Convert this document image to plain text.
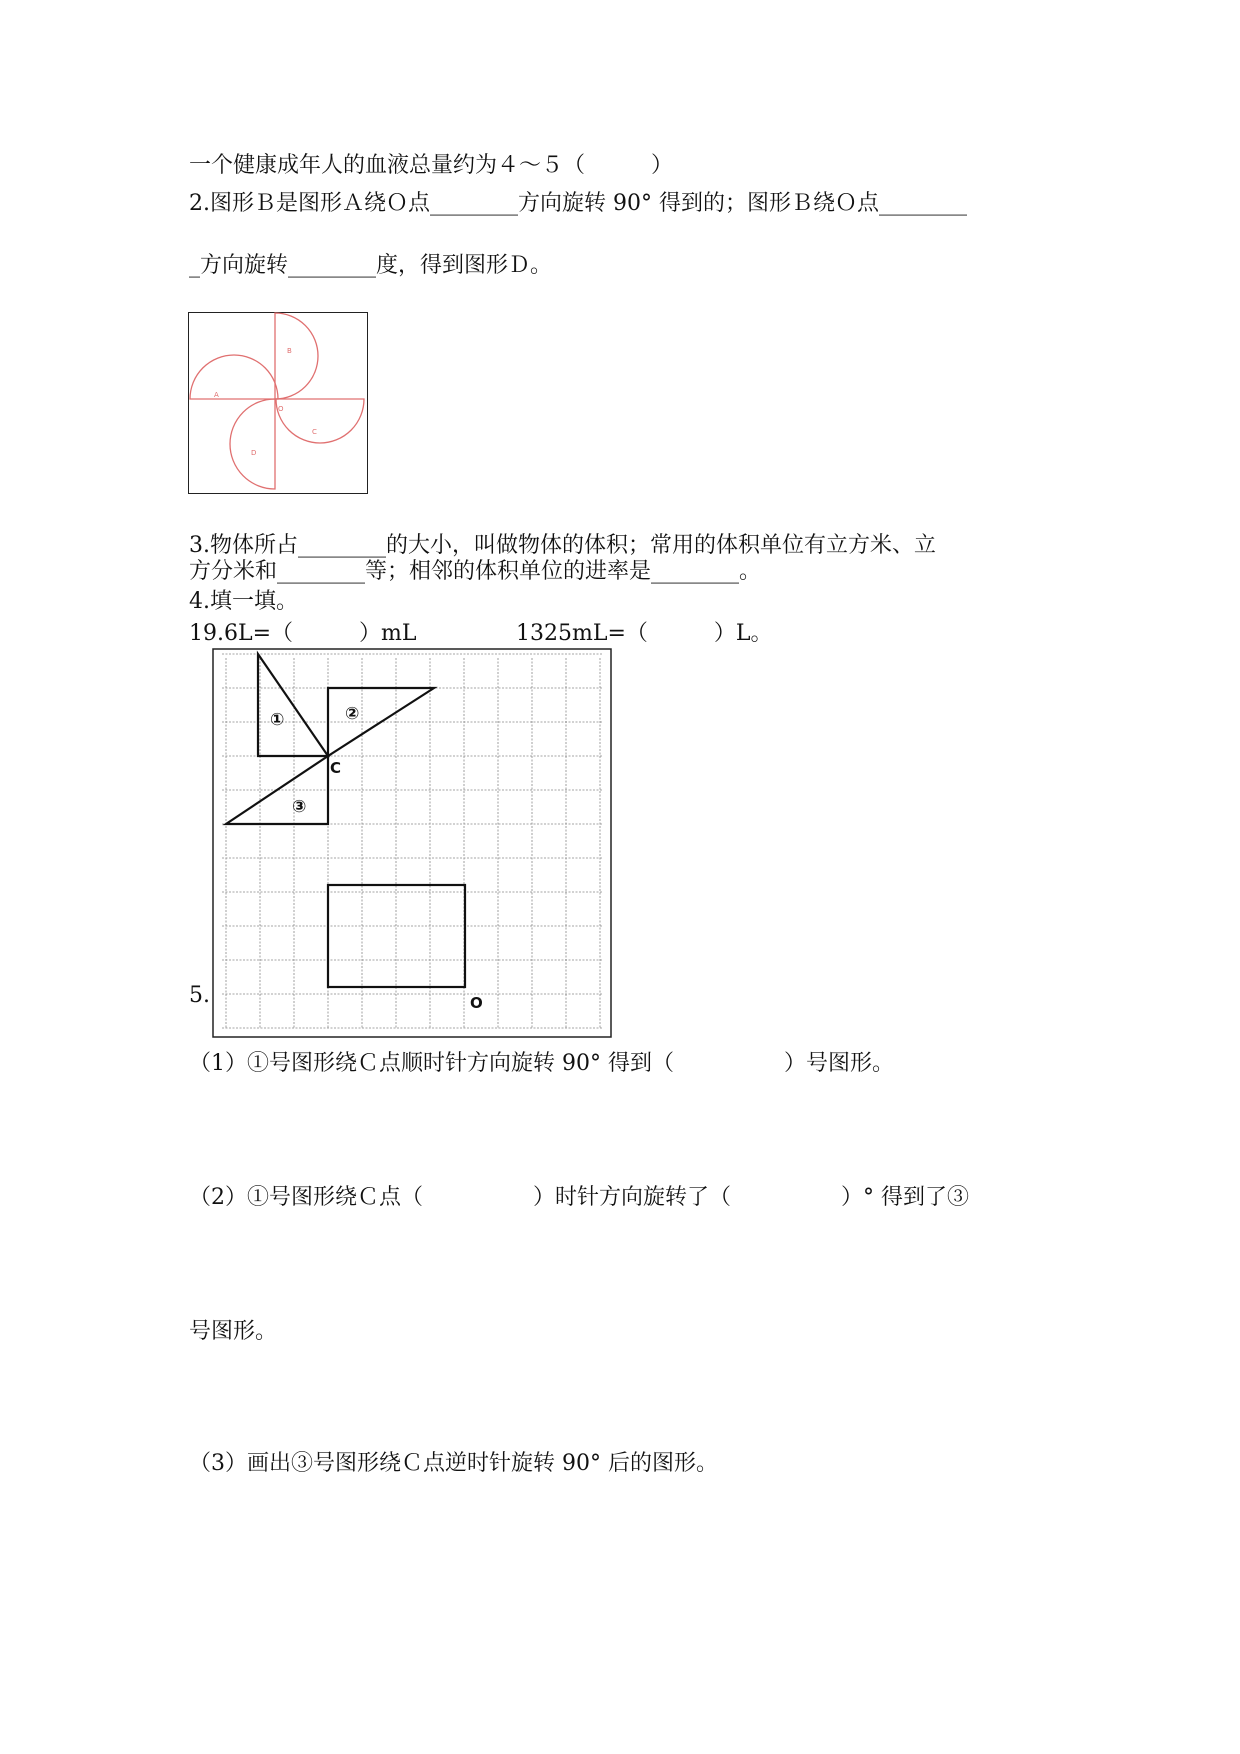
一个健康成年人的血液总量约为４～５（　　　）
2.图形Ｂ是图形Ａ绕Ｏ点________方向旋转 90° 得到的；图形Ｂ绕Ｏ点________
_方向旋转________度，得到图形Ｄ。
A
B
C
D
O
3.物体所占________的大小，叫做物体的体积；常用的体积单位有立方米、立
方分米和________等；相邻的体积单位的进率是________。
4.填一填。
19.6L=（　　　）mL	1325mL=（　　　）L。
5.
①	②
③
C
O
（1）①号图形绕Ｃ点顺时针方向旋转 90° 得到（　　　　　）号图形。
（2）①号图形绕Ｃ点（　　　　　）时针方向旋转了（　　　　　）° 得到了③
号图形。
（3）画出③号图形绕Ｃ点逆时针旋转 90° 后的图形。
